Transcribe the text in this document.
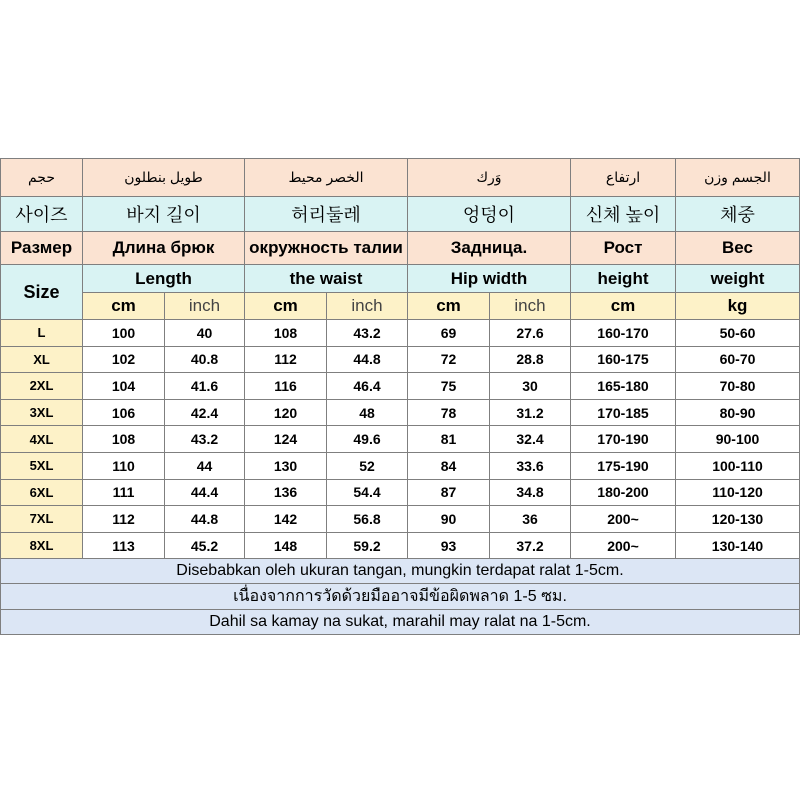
حجم	طويل بنطلون		الخصر محيط		وَرك		ارتفاع	الجسم وزن
사이즈	바지 길이		허리둘레		엉덩이		신체 높이	체중
Размер	Длина брюк		окружность талии		Задница.		Рост	Вес
Size	Length		the waist		Hip width		height	weight
	cm	inch	cm	inch	cm	inch	cm	kg
L	100	40	108	43.2	69	27.6	160-170	50-60
XL	102	40.8	112	44.8	72	28.8	160-175	60-70
2XL	104	41.6	116	46.4	75	30	165-180	70-80
3XL	106	42.4	120	48	78	31.2	170-185	80-90
4XL	108	43.2	124	49.6	81	32.4	170-190	90-100
5XL	110	44	130	52	84	33.6	175-190	100-110
6XL	111	44.4	136	54.4	87	34.8	180-200	110-120
7XL	112	44.8	142	56.8	90	36	200~	120-130
8XL	113	45.2	148	59.2	93	37.2	200~	130-140
Disebabkan oleh ukuran tangan, mungkin terdapat ralat 1-5cm.								
เนื่องจากการวัดด้วยมืออาจมีข้อผิดพลาด 1-5 ซม.								
Dahil sa kamay na sukat, marahil may ralat na 1-5cm.								
